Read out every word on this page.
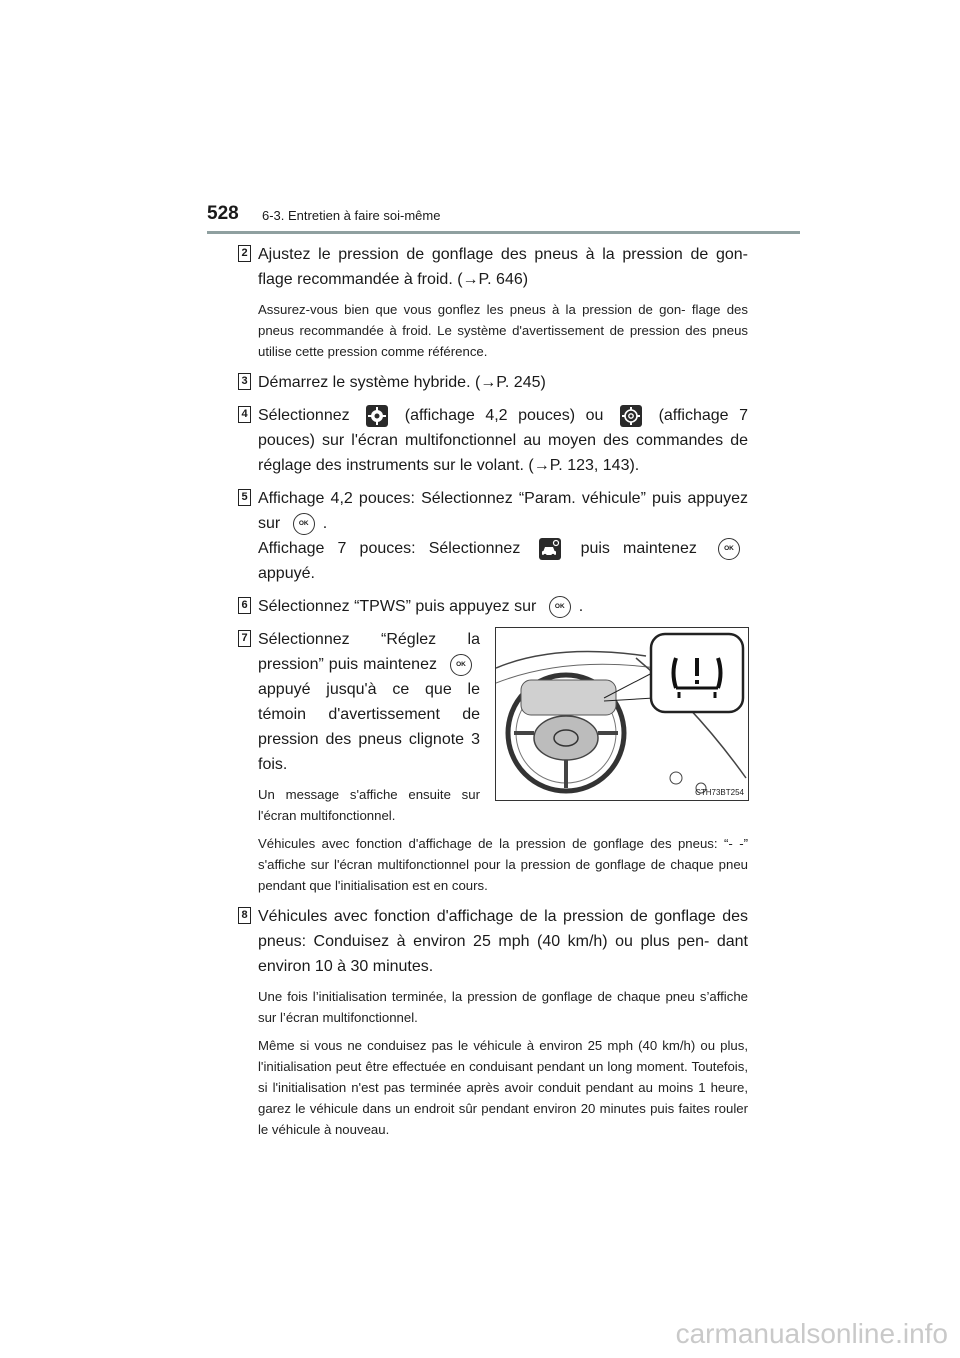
528 6-3. Entretien à faire soi-même
2 Ajustez le pression de gonflage des pneus à la pression de gon- flage recommandée à froid. (→P. 646)

Assurez-vous bien que vous gonflez les pneus à la pression de gon- flage des pneus recommandée à froid. Le système d'avertissement de pression des pneus utilise cette pression comme référence.

3 Démarrez le système hybride. (→P. 245)

4 Sélectionnez	(affichage 4,2 pouces) ou	(affichage 7 pouces) sur l'écran multifonctionnel au moyen des commandes de réglage des instruments sur le volant. (→P. 123, 143).

5 Affichage 4,2 pouces: Sélectionnez “Param. véhicule” puis appuyez sur	OK .
Affichage 7 pouces: Sélectionnez	puis maintenez	OK appuyé.

6 Sélectionnez “TPWS” puis appuyez sur	OK .

7 Sélectionnez “Réglez la pression” puis maintenez	OK appuyé jusqu'à ce que le témoin d'avertissement de pression des pneus clignote 3 fois.

Un message s'affiche ensuite sur l'écran multifonctionnel.

CTH73BT254

Véhicules avec fonction d'affichage de la pression de gonflage des pneus: “- -” s'affiche sur l'écran multifonctionnel pour la pression de gonflage de chaque pneu pendant que l'initialisation est en cours.

8 Véhicules avec fonction d'affichage de la pression de gonflage des pneus: Conduisez à environ 25 mph (40 km/h) ou plus pen- dant environ 10 à 30 minutes.

Une fois l’initialisation terminée, la pression de gonflage de chaque pneu s’affiche sur l’écran multifonctionnel.

Même si vous ne conduisez pas le véhicule à environ 25 mph (40 km/h) ou plus, l'initialisation peut être effectuée en conduisant pendant un long moment. Toutefois, si l'initialisation n'est pas terminée après avoir conduit pendant au moins 1 heure, garez le véhicule dans un endroit sûr pendant environ 20 minutes puis faites rouler le véhicule à nouveau.

carmanualsonline.info
